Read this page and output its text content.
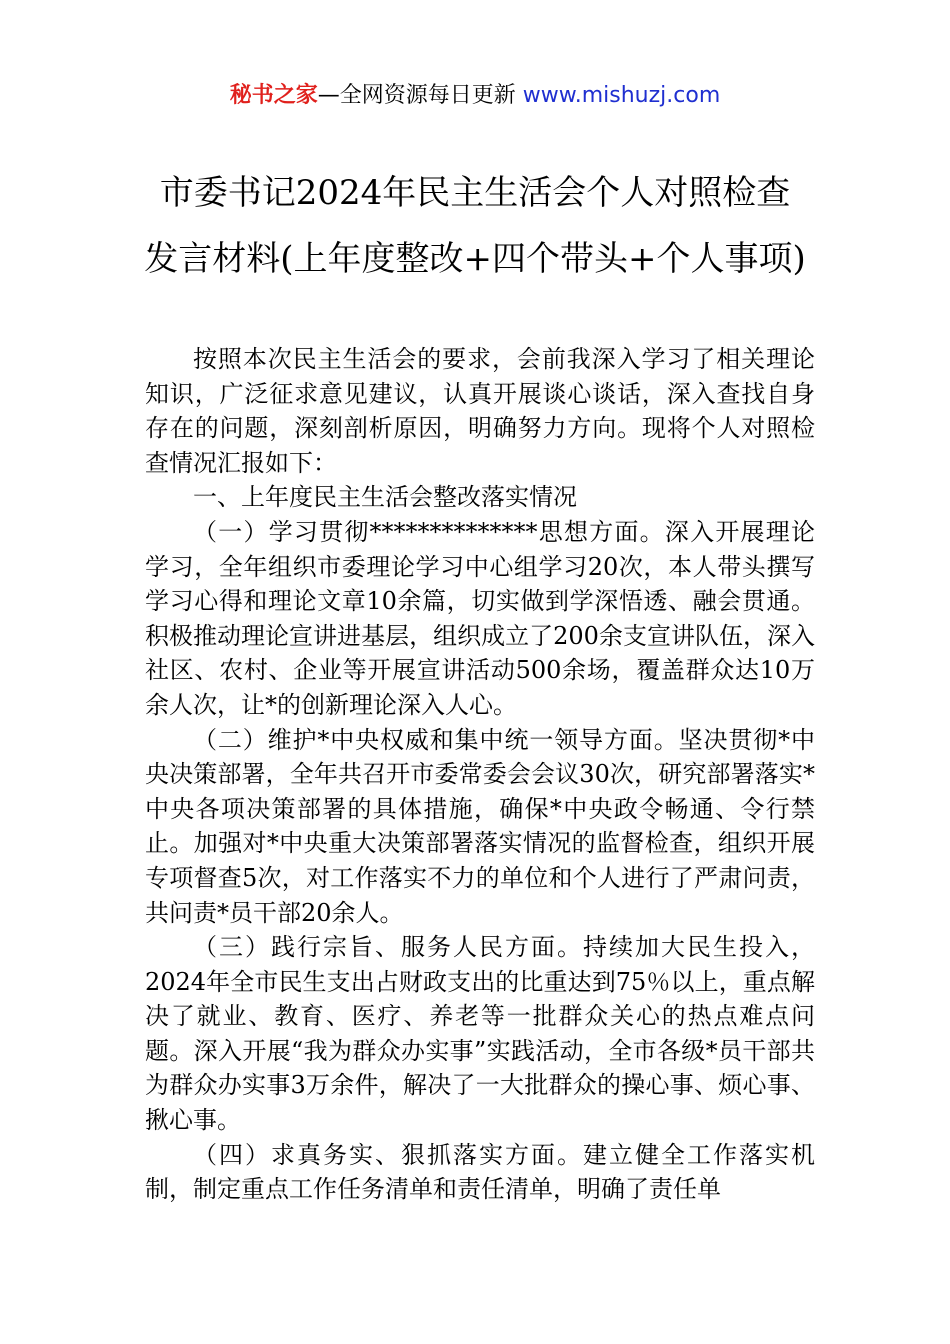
秘书之家—全网资源每日更新 www.mishuzj.com
市委书记2024年民主生活会个人对照检查
发言材料(上年度整改+四个带头+个人事项)

按照本次民主生活会的要求，会前我深入学习了相关理论知识，广泛征求意见建议，认真开展谈心谈话，深入查找自身存在的问题，深刻剖析原因，明确努力方向。现将个人对照检查情况汇报如下：

一、上年度民主生活会整改落实情况

（一）学习贯彻**************思想方面。深入开展理论学习，全年组织市委理论学习中心组学习20次，本人带头撰写学习心得和理论文章10余篇，切实做到学深悟透、融会贯通。积极推动理论宣讲进基层，组织成立了200余支宣讲队伍，深入社区、农村、企业等开展宣讲活动500余场，覆盖群众达10万余人次，让*的创新理论深入人心。

（二）维护*中央权威和集中统一领导方面。坚决贯彻*中央决策部署，全年共召开市委常委会会议30次，研究部署落实*中央各项决策部署的具体措施，确保*中央政令畅通、令行禁止。加强对*中央重大决策部署落实情况的监督检查，组织开展专项督查5次，对工作落实不力的单位和个人进行了严肃问责，共问责*员干部20余人。

（三）践行宗旨、服务人民方面。持续加大民生投入，2024年全市民生支出占财政支出的比重达到75％以上，重点解决了就业、教育、医疗、养老等一批群众关心的热点难点问题。深入开展“我为群众办实事”实践活动，全市各级*员干部共为群众办实事3万余件，解决了一大批群众的操心事、烦心事、揪心事。

（四）求真务实、狠抓落实方面。建立健全工作落实机制，制定重点工作任务清单和责任清单，明确了责任单
